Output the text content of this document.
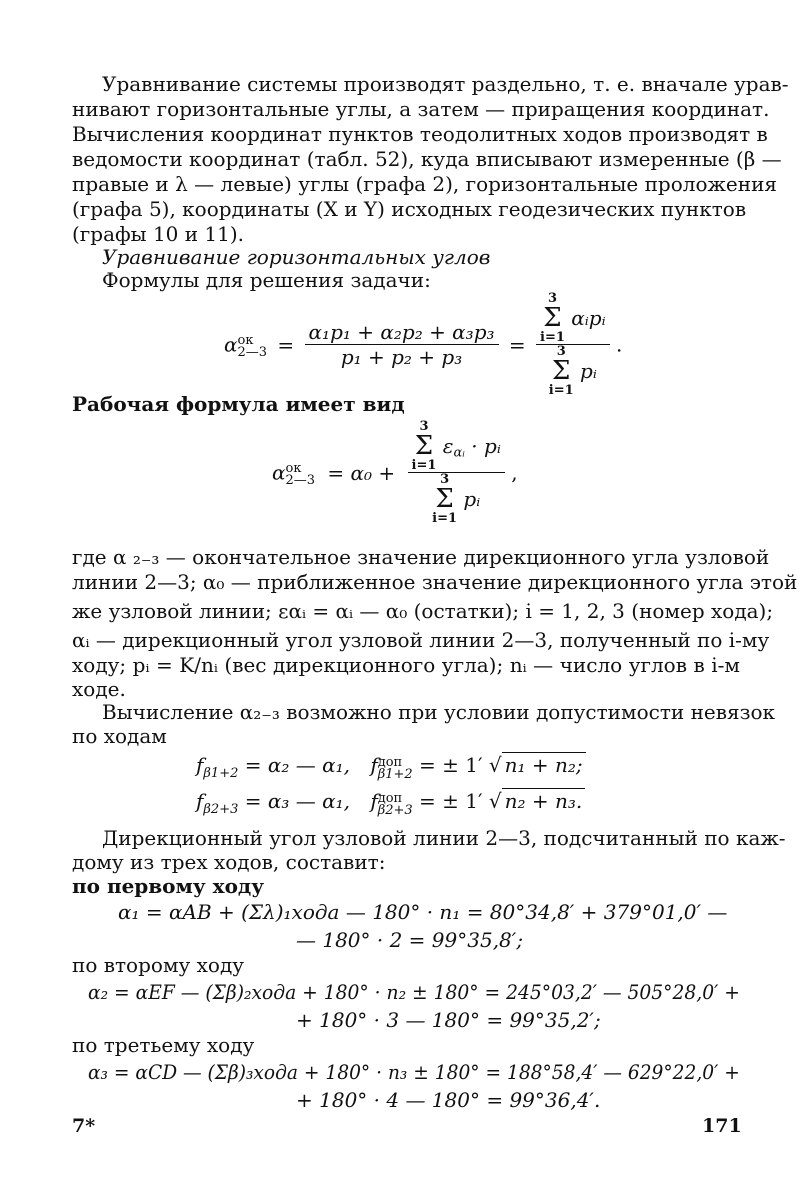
Уравнивание системы производят раздельно, т. е. вначале урав-
нивают горизонтальные углы, а затем — приращения координат.
Вычисления координат пунктов теодолитных ходов производят в
ведомости координат (табл. 52), куда вписывают измеренные (β —
правые и λ — левые) углы (графа 2), горизонтальные проложения
(графа 5), координаты (X и Y) исходных геодезических пунктов
(графы 10 и 11).
Уравнивание горизонтальных углов
Формулы для решения задачи:
α ок
2—3 = $\frac{\text{α₁p₁ + α₂p₂ + α₃p₃}}{\text{p₁ + p₂ + p₃}} = 3$
Σ
i=1
αᵢpᵢ
3
Σ
i=1
pᵢ .
Рабочая формула имеет вид
α ок
2—3 = α₀ + 3
Σ
i=1
$\varepsilon_{\alpha ᵢ}$ · pᵢ
3
Σ
i=1
pᵢ ,
где α ₂₋₃ — окончательное значение дирекционного угла узловой
линии 2—3; α₀ — приближенное значение дирекционного угла этой
же узловой линии; εαᵢ = αᵢ — α₀ (остатки); i = 1, 2, 3 (номер хода);
αᵢ — дирекционный угол узловой линии 2—3, полученный по i-му
ходу; pᵢ = K/nᵢ (вес дирекционного угла); nᵢ — число углов в i-м
ходе.
Вычисление α₂₋₃ возможно при условии допустимости невязок
по ходам
$f_{\beta 1+2} = \alpha_2$ — α₁, f доп
β1+2 = ± 1′ √ n₁ + n₂;
$f_{\beta 2+3} = \alpha_3$ — α₁, f доп
β2+3 = ± 1′ √ n₂ + n₃.
Дирекционный угол узловой линии 2—3, подсчитанный по каж-
дому из трех ходов, составит:
по первому ходу
α₁ = αAB + (Σλ)₁хода — 180° · n₁ = 80°34,8′ + 379°01,0′ —
— 180° · 2 = 99°35,8′;
по второму ходу
α₂ = αEF — (Σβ)₂хода + 180° · n₂ ± 180° = 245°03,2′ — 505°28,0′ +
+ 180° · 3 — 180° = 99°35,2′;
по третьему ходу
α₃ = αCD — (Σβ)₃хода + 180° · n₃ ± 180° = 188°58,4′ — 629°22,0′ +
+ 180° · 4 — 180° = 99°36,4′.
7*	171
